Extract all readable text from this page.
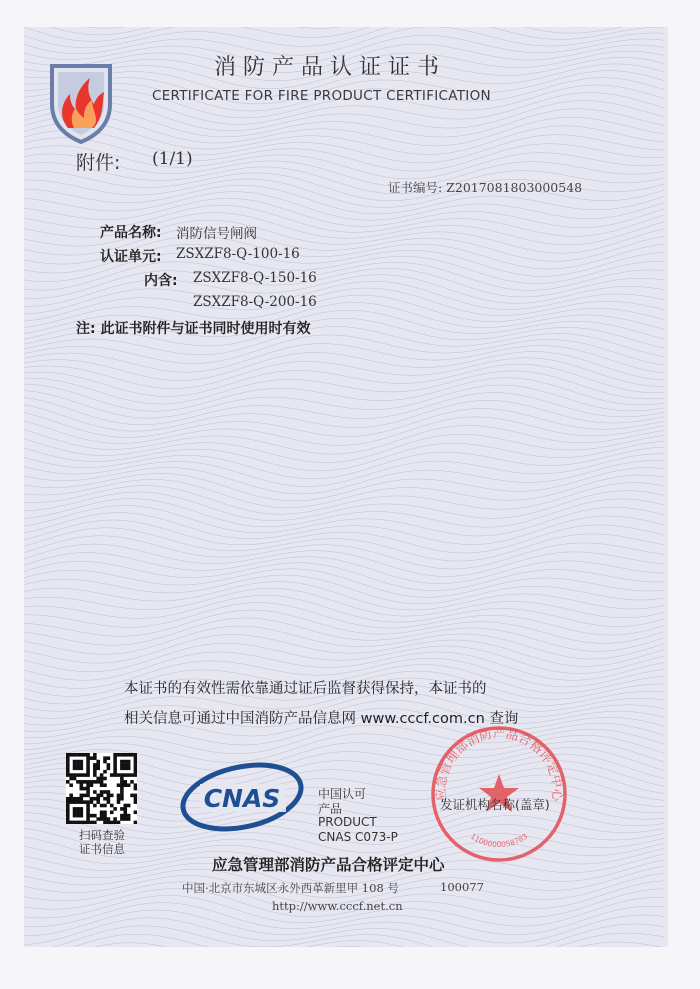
消防产品认证证书
CERTIFICATE FOR FIRE PRODUCT CERTIFICATION
附件: (1/1)
证书编号: Z2017081803000548
产品名称: 消防信号闸阀
认证单元: ZSXZF8-Q-100-16
内含: ZSXZF8-Q-150-16
ZSXZF8-Q-200-16
注: 此证书附件与证书同时使用时有效
本证书的有效性需依靠通过证后监督获得保持，本证书的
相关信息可通过中国消防产品信息网 www.cccf.com.cn 查询
扫码查验
证书信息
CNAS	中国认可
产品
PRODUCT
CNAS C073-P
应急管理部消防产品合格评定中心
1100000058783
发证机构名称(盖章)
应急管理部消防产品合格评定中心
中国·北京市东城区永外西革新里甲 108 号	100077
http://www.cccf.net.cn
